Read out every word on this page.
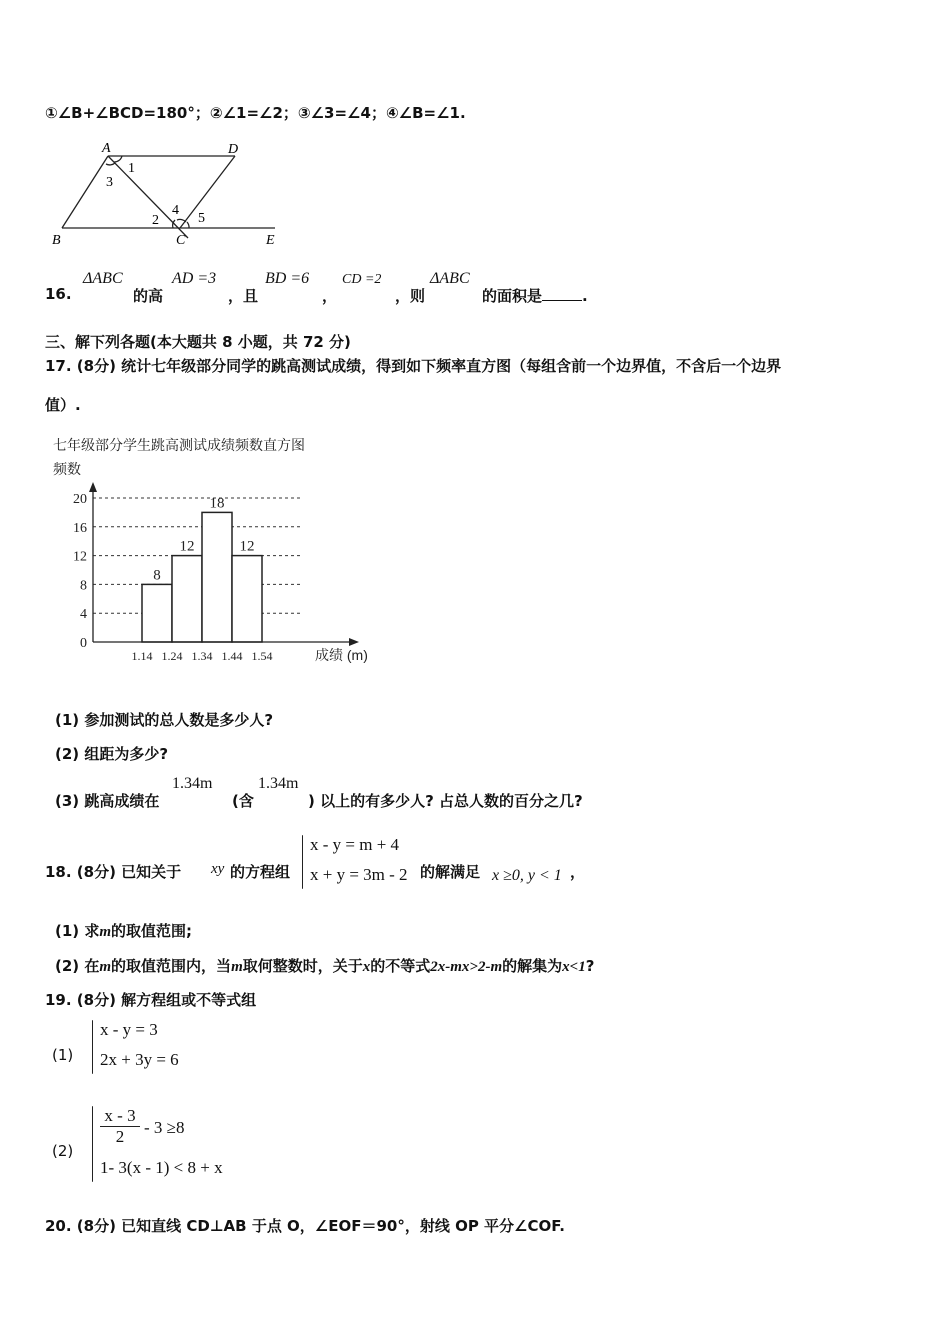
①∠B+∠BCD=180°；②∠1=∠2；③∠3=∠4；④∠B=∠1.
A	D
1
3
2
4
5
B	C	E
16.
ΔABC
的高
AD =3
，且
BD =6
，
CD =2
，则
ΔABC
的面积是	.
三、解下列各题(本大题共 8 小题，共 72 分)
17. (8分) 统计七年级部分同学的跳高测试成绩，得到如下频率直方图（每组含前一个边界值，不含后一个边界
值）.
七年级部分学生跳高测试成绩频数直方图
频数
成绩 (m)
0
4
8
12
16
20
8
12
18
12
1.14 1.24 1.34 1.44 1.54
(1) 参加测试的总人数是多少人?
(2) 组距为多少?
(3) 跳高成绩在
1.34m
(含
1.34m
) 以上的有多少人? 占总人数的百分之几?
18. (8分) 已知关于 xy 的方程组
x - y = m + 4
x + y = 3m - 2 的解满足 x ≥0, y < 1 ，
(1) 求m的取值范围;
(2) 在m的取值范围内，当m取何整数时，关于x的不等式2x-mx>2-m的解集为x<1?
19. (8分) 解方程组或不等式组
(1)
x - y = 3
2x + 3y = 6
(2)
x - 3
2	- 3 ≥8
1- 3(x - 1) < 8 + x
20. (8分) 已知直线 CD⊥AB 于点 O，∠EOF＝90°，射线 OP 平分∠COF.
